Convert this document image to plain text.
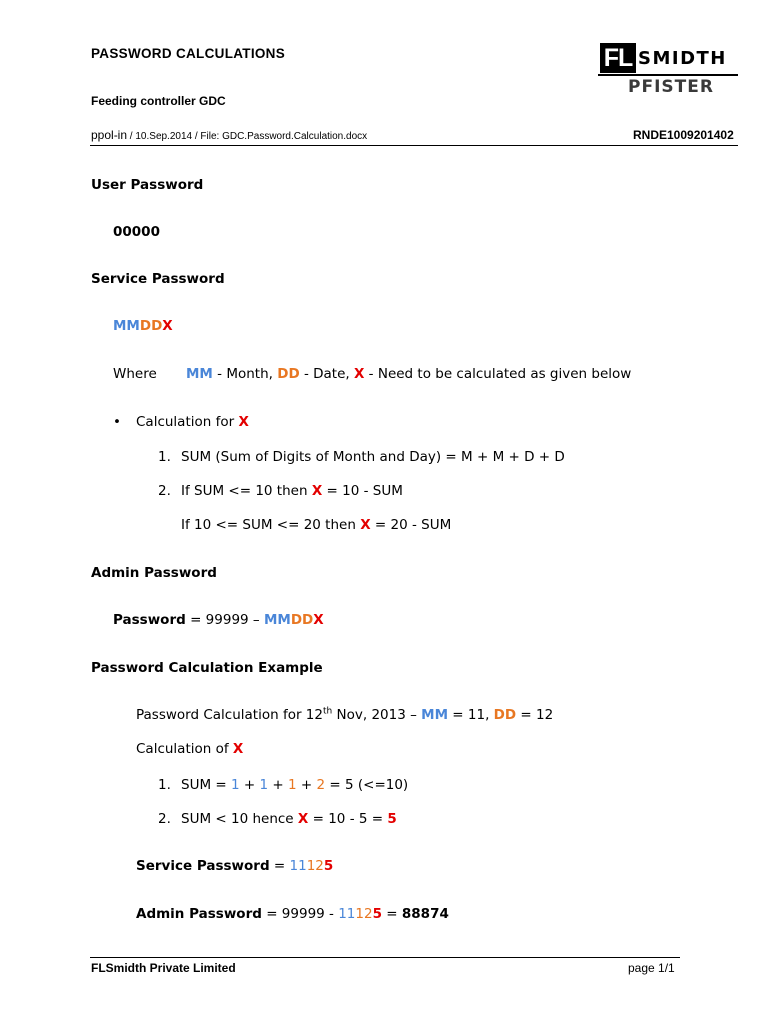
PASSWORD CALCULATIONS
Feeding controller GDC
FL SMIDTH
PFISTER
ppol-in / 10.Sep.2014 / File: GDC.Password.Calculation.docx	RNDE1009201402
User Password
00000
Service Password
MMDDX
Where MM - Month, DD - Date, X - Need to be calculated as given below
• Calculation for X
1. SUM (Sum of Digits of Month and Day) = M + M + D + D
2. If SUM <= 10 then X = 10 - SUM
If 10 <= SUM <= 20 then X = 20 - SUM
Admin Password
Password = 99999 – MMDDX
Password Calculation Example
Password Calculation for 12th Nov, 2013 – MM = 11, DD = 12
Calculation of X
1. SUM = 1 + 1 + 1 + 2 = 5 (<=10)
2. SUM < 10 hence X = 10 - 5 = 5
Service Password = 11125
Admin Password = 99999 - 11125 = 88874
FLSmidth Private Limited	page 1/1
